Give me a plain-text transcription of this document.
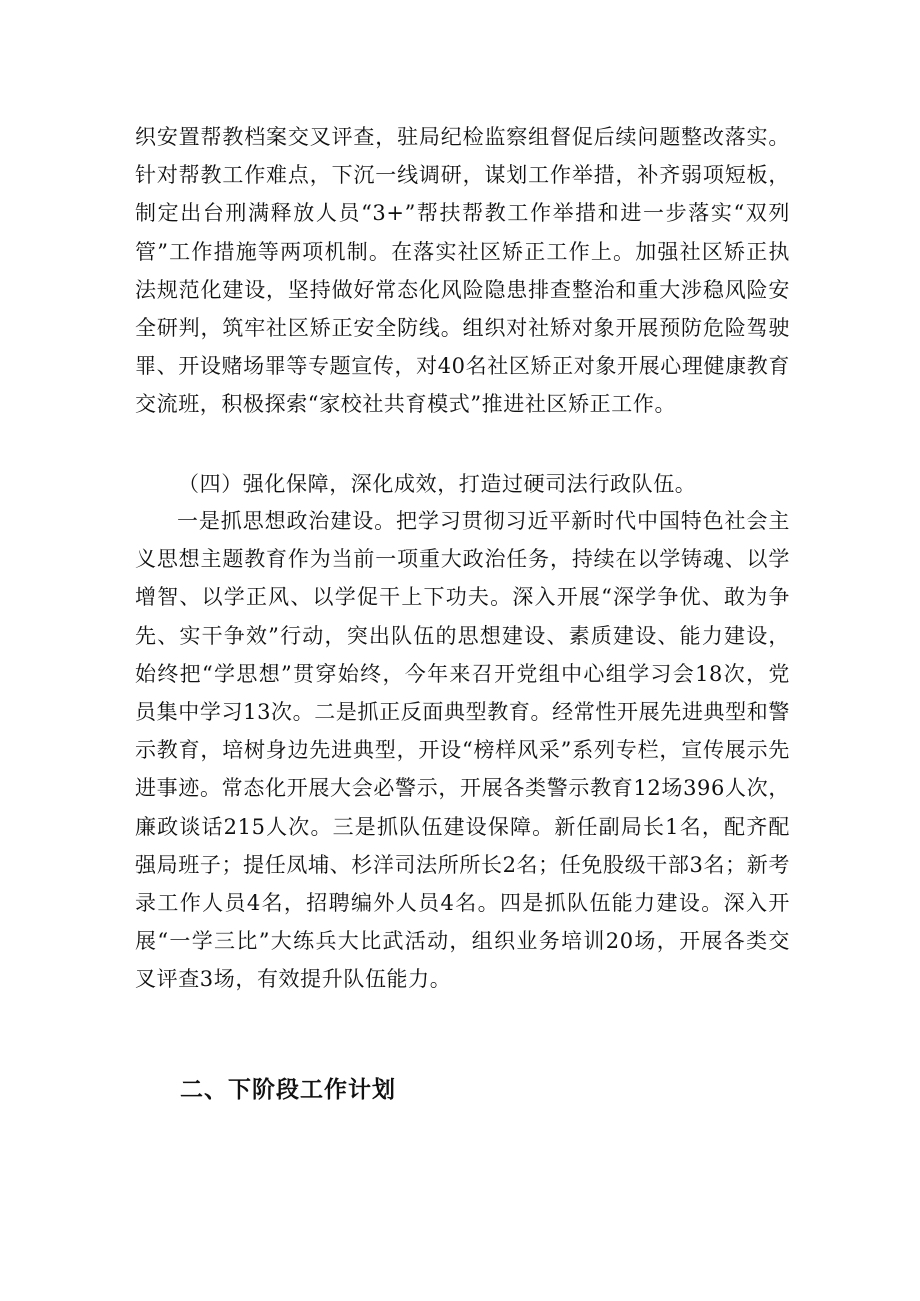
织安置帮教档案交叉评查，驻局纪检监察组督促后续问题整改落实。针对帮教工作难点，下沉一线调研，谋划工作举措，补齐弱项短板，制定出台刑满释放人员“3+”帮扶帮教工作举措和进一步落实“双列管”工作措施等两项机制。在落实社区矫正工作上。加强社区矫正执法规范化建设，坚持做好常态化风险隐患排查整治和重大涉稳风险安全研判，筑牢社区矫正安全防线。组织对社矫对象开展预防危险驾驶罪、开设赌场罪等专题宣传，对40名社区矫正对象开展心理健康教育交流班，积极探索“家校社共育模式”推进社区矫正工作。

（四）强化保障，深化成效，打造过硬司法行政队伍。

一是抓思想政治建设。把学习贯彻习近平新时代中国特色社会主义思想主题教育作为当前一项重大政治任务，持续在以学铸魂、以学增智、以学正风、以学促干上下功夫。深入开展“深学争优、敢为争先、实干争效”行动，突出队伍的思想建设、素质建设、能力建设，始终把“学思想”贯穿始终，今年来召开党组中心组学习会18次，党员集中学习13次。二是抓正反面典型教育。经常性开展先进典型和警示教育，培树身边先进典型，开设“榜样风采”系列专栏，宣传展示先进事迹。常态化开展大会必警示，开展各类警示教育12场396人次，廉政谈话215人次。三是抓队伍建设保障。新任副局长1名，配齐配强局班子；提任凤埔、杉洋司法所所长2名；任免股级干部3名；新考录工作人员4名，招聘编外人员4名。四是抓队伍能力建设。深入开展“一学三比”大练兵大比武活动，组织业务培训20场，开展各类交叉评查3场，有效提升队伍能力。

二、下阶段工作计划
